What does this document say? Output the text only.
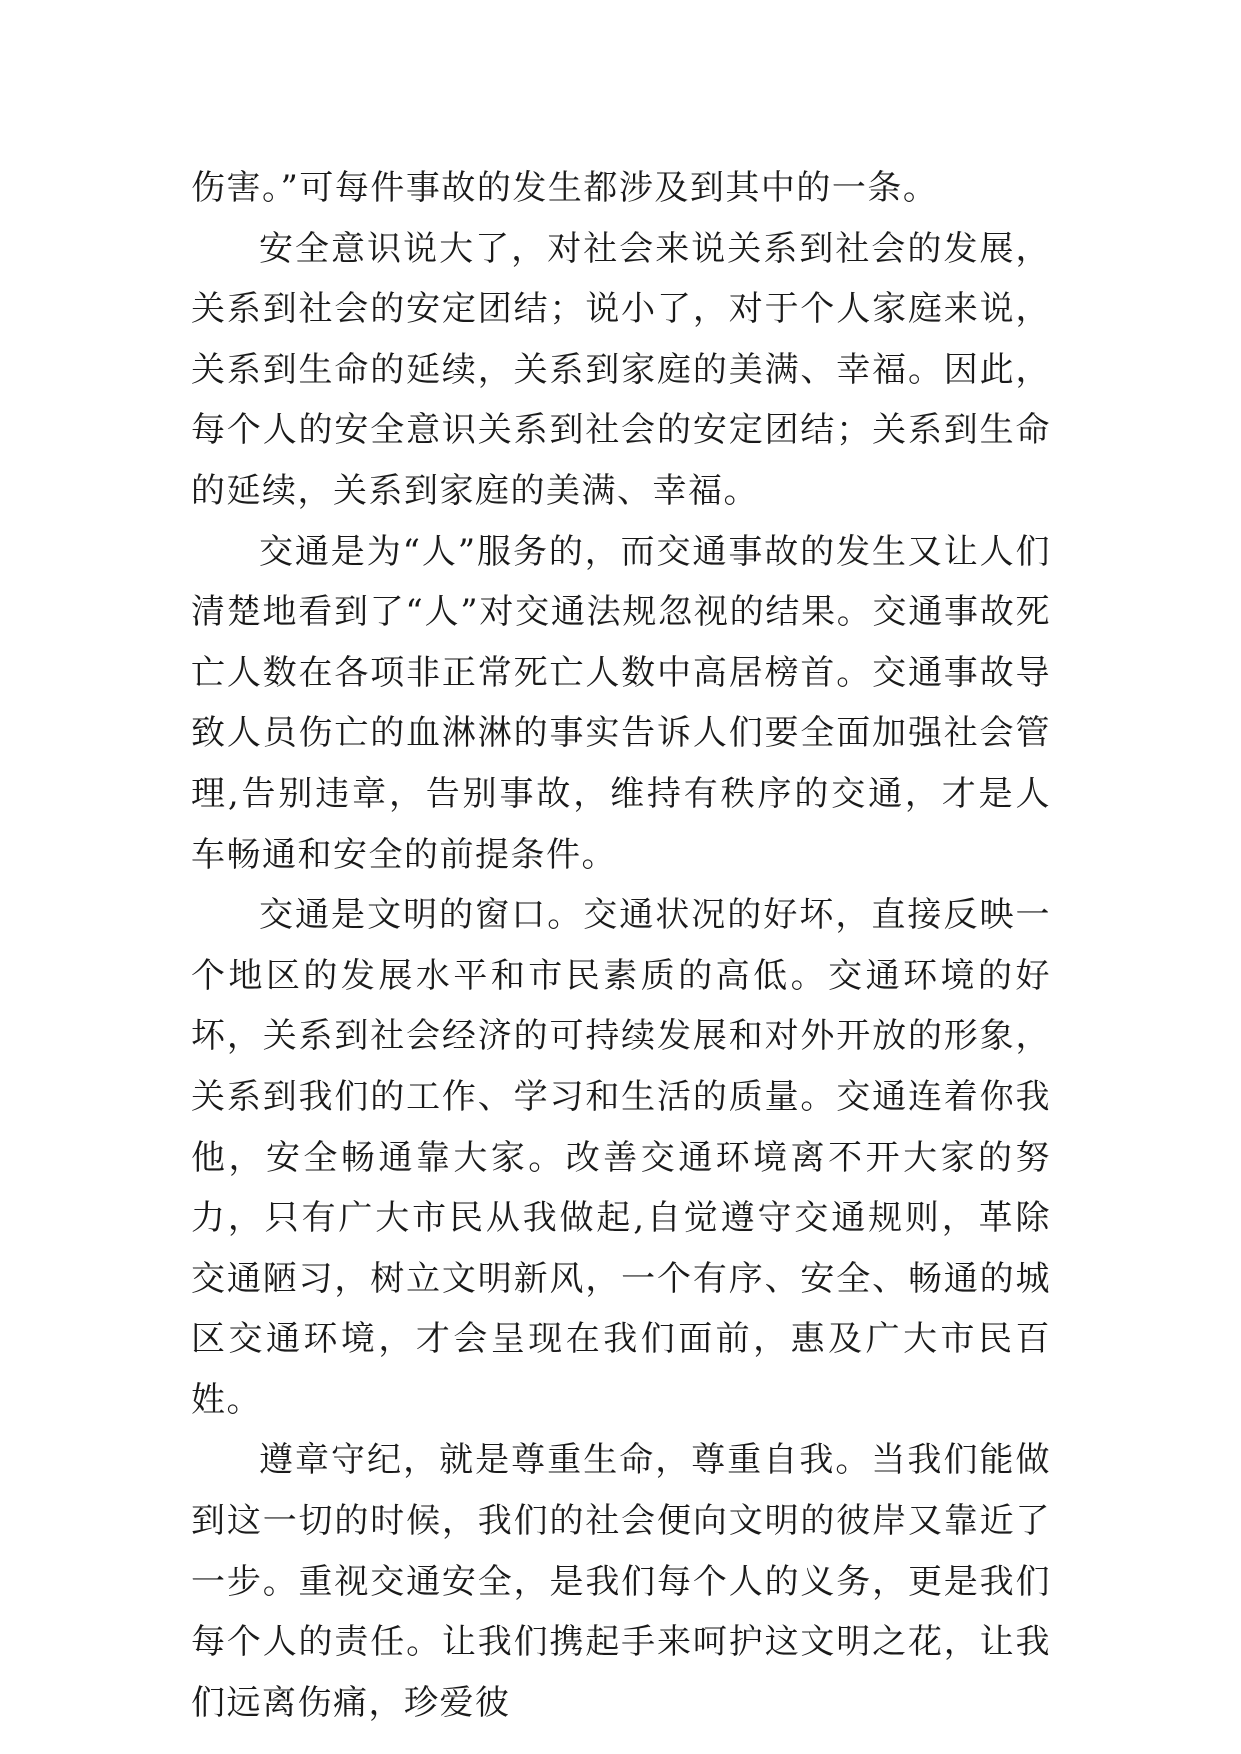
伤害。”可每件事故的发生都涉及到其中的一条。

安全意识说大了，对社会来说关系到社会的发展，关系到社会的安定团结；说小了，对于个人家庭来说，关系到生命的延续，关系到家庭的美满、幸福。因此，每个人的安全意识关系到社会的安定团结；关系到生命的延续，关系到家庭的美满、幸福。

交通是为“人”服务的，而交通事故的发生又让人们清楚地看到了“人”对交通法规忽视的结果。交通事故死亡人数在各项非正常死亡人数中高居榜首。交通事故导致人员伤亡的血淋淋的事实告诉人们要全面加强社会管理,告别违章，告别事故，维持有秩序的交通，才是人车畅通和安全的前提条件。

交通是文明的窗口。交通状况的好坏，直接反映一个地区的发展水平和市民素质的高低。交通环境的好坏，关系到社会经济的可持续发展和对外开放的形象，关系到我们的工作、学习和生活的质量。交通连着你我他，安全畅通靠大家。改善交通环境离不开大家的努力，只有广大市民从我做起,自觉遵守交通规则，革除交通陋习，树立文明新风，一个有序、安全、畅通的城区交通环境，才会呈现在我们面前，惠及广大市民百姓。

遵章守纪，就是尊重生命，尊重自我。当我们能做到这一切的时候，我们的社会便向文明的彼岸又靠近了一步。重视交通安全，是我们每个人的义务，更是我们每个人的责任。让我们携起手来呵护这文明之花，让我们远离伤痛，珍爱彼
